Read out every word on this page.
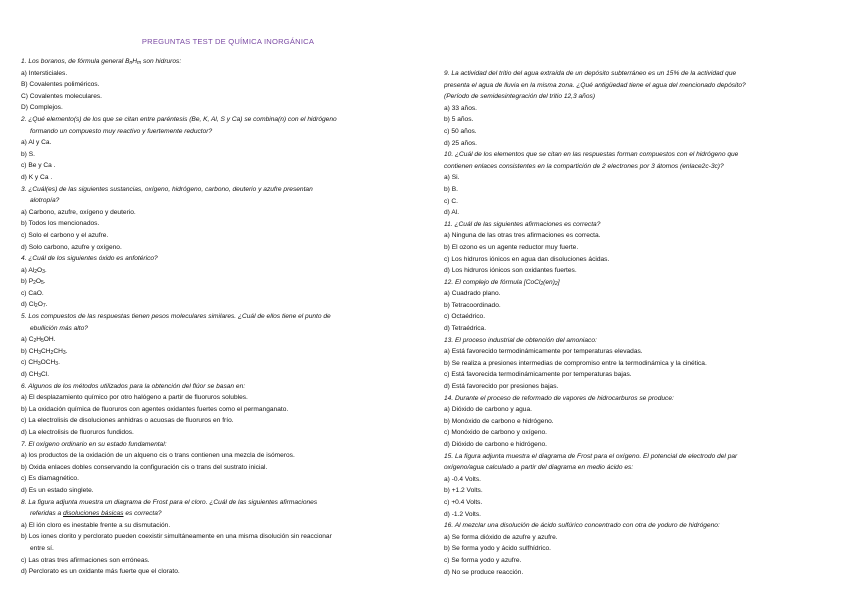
PREGUNTAS TEST DE QUÍMICA INORGÁNICA
1. Los boranos, de fórmula general $B_nH_m$ son hidruros:
a) Intersticiales.
B) Covalentes poliméricos.
C) Covalentes moleculares.
D) Complejos.
2. ¿Qué elemento(s) de los que se citan entre paréntesis (Be, K, Al, S y Ca) se combina(n) con el hidrógeno
formando un compuesto muy reactivo y fuertemente reductor?
a) Al y Ca.
b) S.
c) Be y Ca .
d) K y Ca .
3. ¿Cuál(es) de las siguientes sustancias, oxígeno, hidrógeno, carbono, deuterio y azufre presentan
alotropía?
a) Carbono, azufre, oxígeno y deuterio.
b) Todos los mencionados.
c) Solo el carbono y el azufre.
d) Solo carbono, azufre y oxígeno.
4. ¿Cuál de los siguientes óxido es anfotérico?
a) $Al_2O_3$.
b) $P_2O_5$.
c) CaO.
d) $Cl_2O_7$.
5. Los compuestos de las respuestas tienen pesos moleculares similares. ¿Cuál de ellos tiene el punto de
ebullición más alto?
a) $C_2H_5OH$.
b) $CH_3CH_2CH_3$.
c) $CH_3OCH_3$.
d) $CH_3Cl$.
6. Algunos de los métodos utilizados para la obtención del flúor se basan en:
a) El desplazamiento químico por otro halógeno a partir de fluoruros solubles.
b) La oxidación química de fluoruros con agentes oxidantes fuertes como el permanganato.
c) La electrolisis de disoluciones anhidras o acuosas de fluoruros en frío.
d) La electrolisis de fluoruros fundidos.
7. El oxígeno ordinario en su estado fundamental:
a) los productos de la oxidación de un alqueno cis o trans contienen una mezcla de isómeros.
b) Oxida enlaces dobles conservando la configuración cis o trans del sustrato inicial.
c) Es diamagnético.
d) Es un estado singlete.
8. La figura adjunta muestra un diagrama de Frost para el cloro. ¿Cuál de las siguientes afirmaciones
referidas a disoluciones básicas es correcta?
a) El ión cloro es inestable frente a su dismutación.
b) Los iones clorito y perclorato pueden coexistir simultáneamente en una misma disolución sin reaccionar
entre sí.
c) Las otras tres afirmaciones son erróneas.
d) Perclorato es un oxidante más fuerte que el clorato.
9. La actividad del tritio del agua extraída de un depósito subterráneo es un 15% de la actividad que
presenta el agua de lluvia en la misma zona. ¿Qué antigüedad tiene el agua del mencionado depósito?
(Período de semidesintegración del tritio 12,3 años)
a) 33 años.
b) 5 años.
c) 50 años.
d) 25 años.
10. ¿Cuál de los elementos que se citan en las respuestas forman compuestos con el hidrógeno que
contienen enlaces consistentes en la compartición de 2 electrones por 3 átomos (enlace2c-3c)?
a) Si.
b) B.
c) C.
d) Al.
11. ¿Cuál de las siguientes afirmaciones es correcta?
a) Ninguna de las otras tres afirmaciones es correcta.
b) El ozono es un agente reductor muy fuerte.
c) Los hidruros iónicos en agua dan disoluciones ácidas.
d) Los hidruros iónicos son oxidantes fuertes.
12. El complejo de fórmula $[CoCl_2(en)_2]$
a) Cuadrado plano.
b) Tetracoordinado.
c) Octaédrico.
d) Tetraédrica.
13. El proceso industrial de obtención del amoniaco:
a) Está favorecido termodinámicamente por temperaturas elevadas.
b) Se realiza a presiones intermedias de compromiso entre la termodinámica y la cinética.
c) Está favorecida termodinámicamente por temperaturas bajas.
d) Está favorecido por presiones bajas.
14. Durante el proceso de reformado de vapores de hidrocarburos se produce:
a) Dióxido de carbono y agua.
b) Monóxido de carbono e hidrógeno.
c) Monóxido de carbono y oxígeno.
d) Dióxido de carbono e hidrógeno.
15. La figura adjunta muestra el diagrama de Frost para el oxígeno. El potencial de electrodo del par
oxígeno/agua calculado a partir del diagrama en medio ácido es:
a) -0.4 Volts.
b) +1.2 Volts.
c) +0.4 Volts.
d) -1.2 Volts.
16. Al mezclar una disolución de ácido sulfúrico concentrado con otra de yoduro de hidrógeno:
a) Se forma dióxido de azufre y azufre.
b) Se forma yodo y ácido sulfhídrico.
c) Se forma yodo y azufre.
d) No se produce reacción.
